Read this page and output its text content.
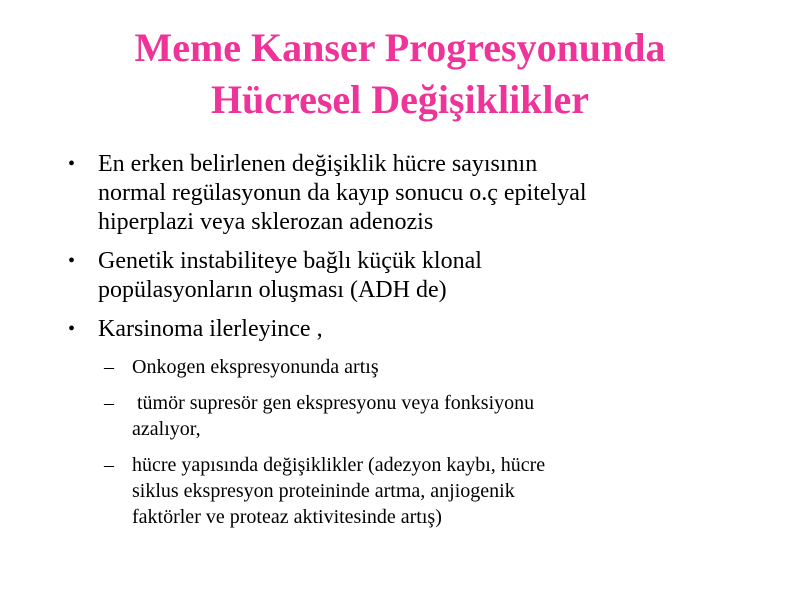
Meme Kanser Progresyonunda
Hücresel Değişiklikler
• En erken belirlenen değişiklik hücre sayısının
normal regülasyonun da kayıp sonucu o.ç epitelyal
hiperplazi veya sklerozan adenozis
• Genetik instabiliteye bağlı küçük klonal
popülasyonların oluşması (ADH de)
• Karsinoma ilerleyince ,
– Onkogen ekspresyonunda artış
– tümör supresör gen ekspresyonu veya fonksiyonu
azalıyor,
– hücre yapısında değişiklikler (adezyon kaybı, hücre
siklus ekspresyon proteininde artma, anjiogenik
faktörler ve proteaz aktivitesinde artış)
